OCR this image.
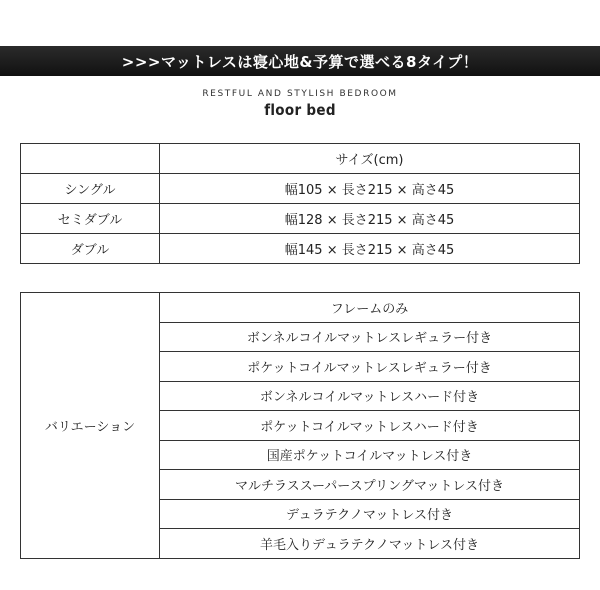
>>>マットレスは寝心地&予算で選べる8タイプ！
RESTFUL AND STYLISH BEDROOM
floor bed
	サイズ(cm)
シングル	幅105 × 長さ215 × 高さ45
セミダブル	幅128 × 長さ215 × 高さ45
ダブル	幅145 × 長さ215 × 高さ45
バリエーション	フレームのみ
ボンネルコイルマットレスレギュラー付き
ポケットコイルマットレスレギュラー付き
ボンネルコイルマットレスハード付き
ポケットコイルマットレスハード付き
国産ポケットコイルマットレス付き
マルチラススーパースプリングマットレス付き
デュラテクノマットレス付き
羊毛入りデュラテクノマットレス付き
